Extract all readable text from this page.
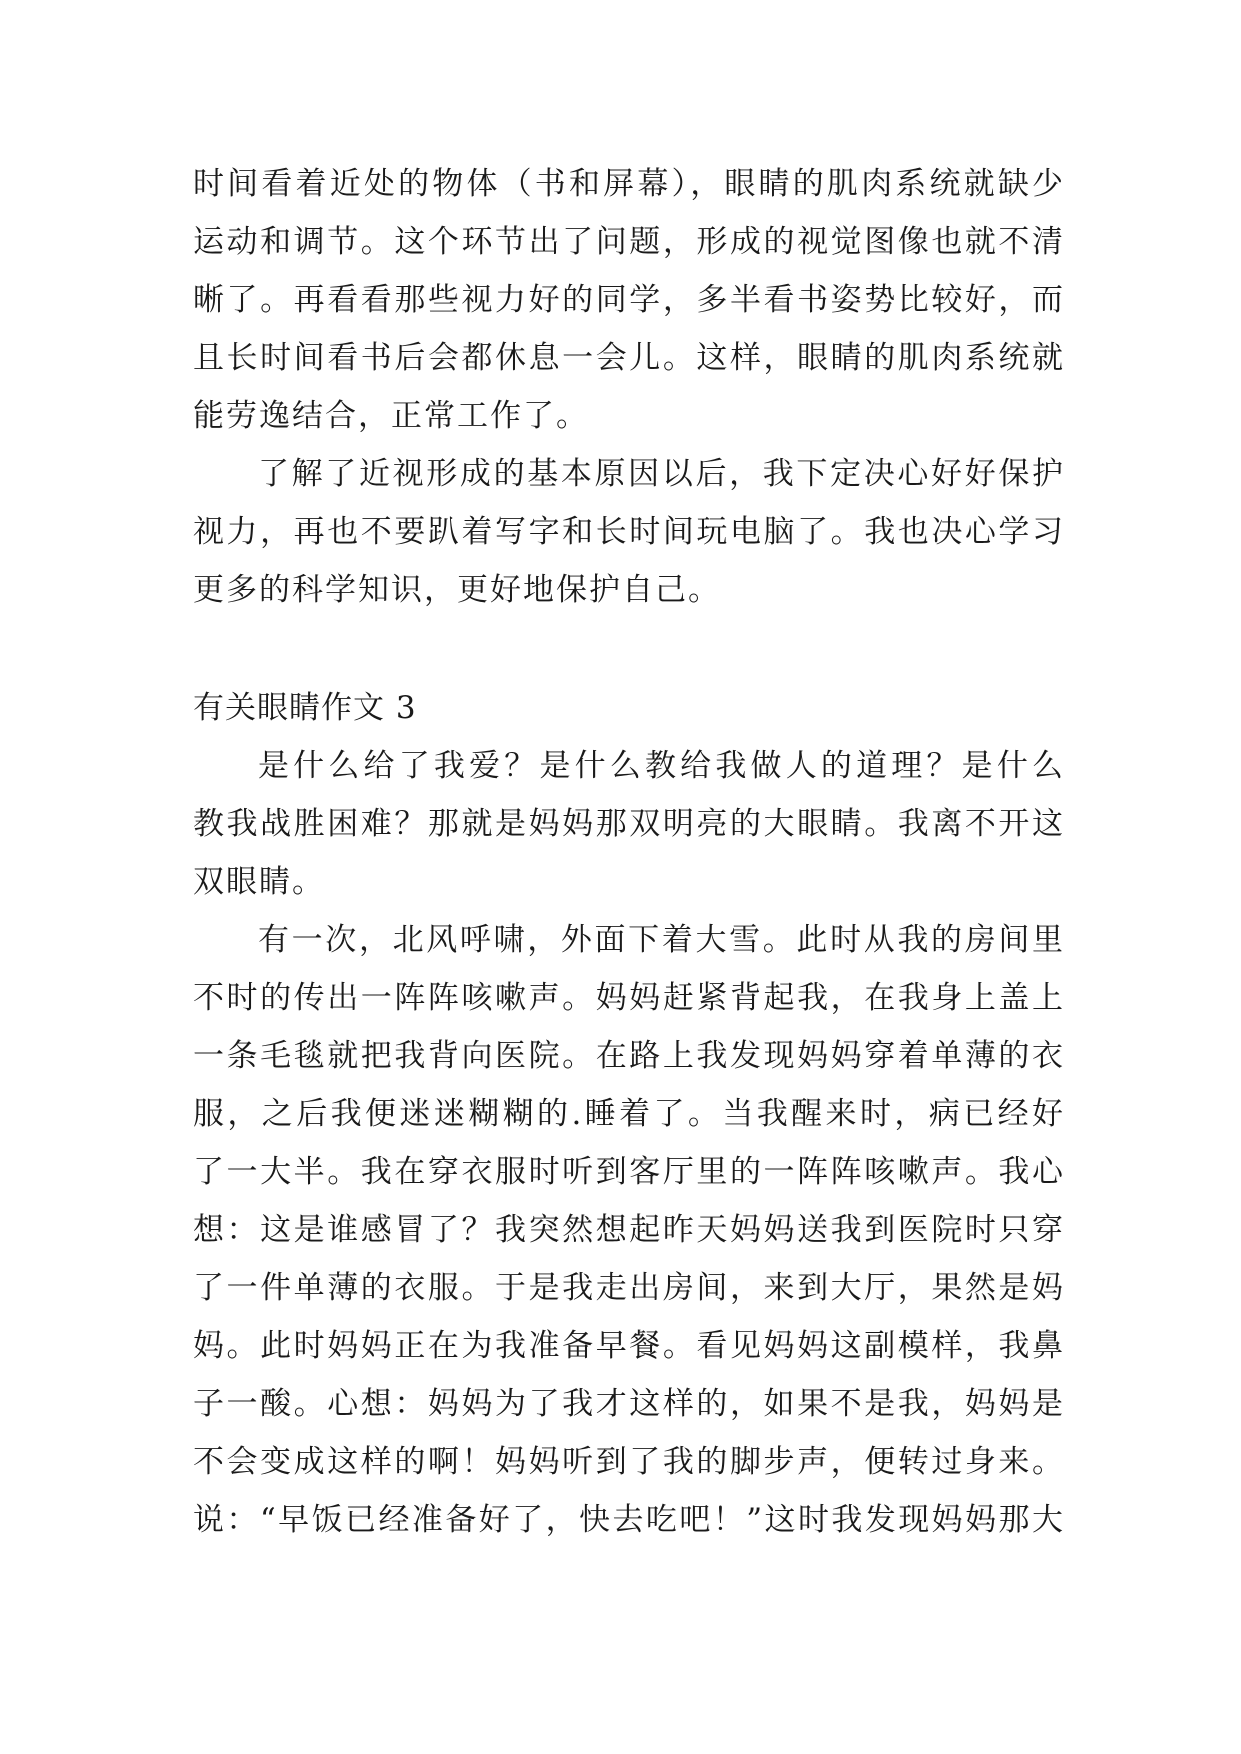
时间看着近处的物体（书和屏幕），眼睛的肌肉系统就缺少
运动和调节。这个环节出了问题，形成的视觉图像也就不清
晰了。再看看那些视力好的同学，多半看书姿势比较好，而
且长时间看书后会都休息一会儿。这样，眼睛的肌肉系统就
能劳逸结合，正常工作了。
了解了近视形成的基本原因以后，我下定决心好好保护
视力，再也不要趴着写字和长时间玩电脑了。我也决心学习
更多的科学知识，更好地保护自己。
有关眼睛作文 3
是什么给了我爱？是什么教给我做人的道理？是什么
教我战胜困难？那就是妈妈那双明亮的大眼睛。我离不开这
双眼睛。
有一次，北风呼啸，外面下着大雪。此时从我的房间里
不时的传出一阵阵咳嗽声。妈妈赶紧背起我，在我身上盖上
一条毛毯就把我背向医院。在路上我发现妈妈穿着单薄的衣
服，之后我便迷迷糊糊的.睡着了。当我醒来时，病已经好
了一大半。我在穿衣服时听到客厅里的一阵阵咳嗽声。我心
想：这是谁感冒了？我突然想起昨天妈妈送我到医院时只穿
了一件单薄的衣服。于是我走出房间，来到大厅，果然是妈
妈。此时妈妈正在为我准备早餐。看见妈妈这副模样，我鼻
子一酸。心想：妈妈为了我才这样的，如果不是我，妈妈是
不会变成这样的啊！妈妈听到了我的脚步声，便转过身来。
说：“早饭已经准备好了，快去吃吧！”这时我发现妈妈那大
